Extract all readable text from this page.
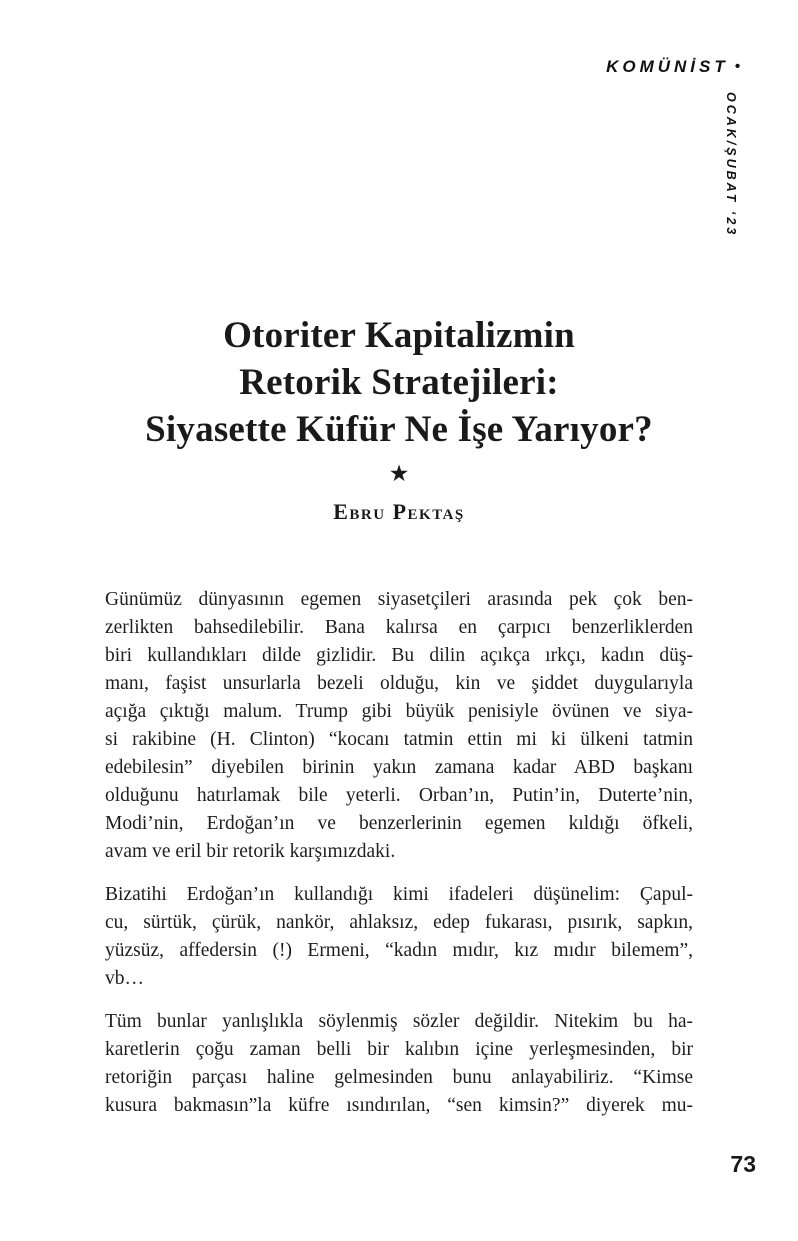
KOMÜNİST •
OCAK/ŞUBAT ‘23
Otoriter Kapitalizmin
Retorik Stratejileri:
Siyasette Küfür Ne İşe Yarıyor?
★
Ebru Pektaş
Günümüz dünyasının egemen siyasetçileri arasında pek çok ben-
zerlikten bahsedilebilir. Bana kalırsa en çarpıcı benzerliklerden
biri kullandıkları dilde gizlidir. Bu dilin açıkça ırkçı, kadın düş-
manı, faşist unsurlarla bezeli olduğu, kin ve şiddet duygularıyla
açığa çıktığı malum. Trump gibi büyük penisiyle övünen ve siya-
si rakibine (H. Clinton) “kocanı tatmin ettin mi ki ülkeni tatmin
edebilesin” diyebilen birinin yakın zamana kadar ABD başkanı
olduğunu hatırlamak bile yeterli. Orban’ın, Putin’in, Duterte’nin,
Modi’nin, Erdoğan’ın ve benzerlerinin egemen kıldığı öfkeli,
avam ve eril bir retorik karşımızdaki.
Bizatihi Erdoğan’ın kullandığı kimi ifadeleri düşünelim: Çapul-
cu, sürtük, çürük, nankör, ahlaksız, edep fukarası, pısırık, sapkın,
yüzsüz, affedersin (!) Ermeni, “kadın mıdır, kız mıdır bilemem”,
vb…
Tüm bunlar yanlışlıkla söylenmiş sözler değildir. Nitekim bu ha-
karetlerin çoğu zaman belli bir kalıbın içine yerleşmesinden, bir
retoriğin parçası haline gelmesinden bunu anlayabiliriz. “Kimse
kusura bakmasın”la küfre ısındırılan, “sen kimsin?” diyerek mu-
73
